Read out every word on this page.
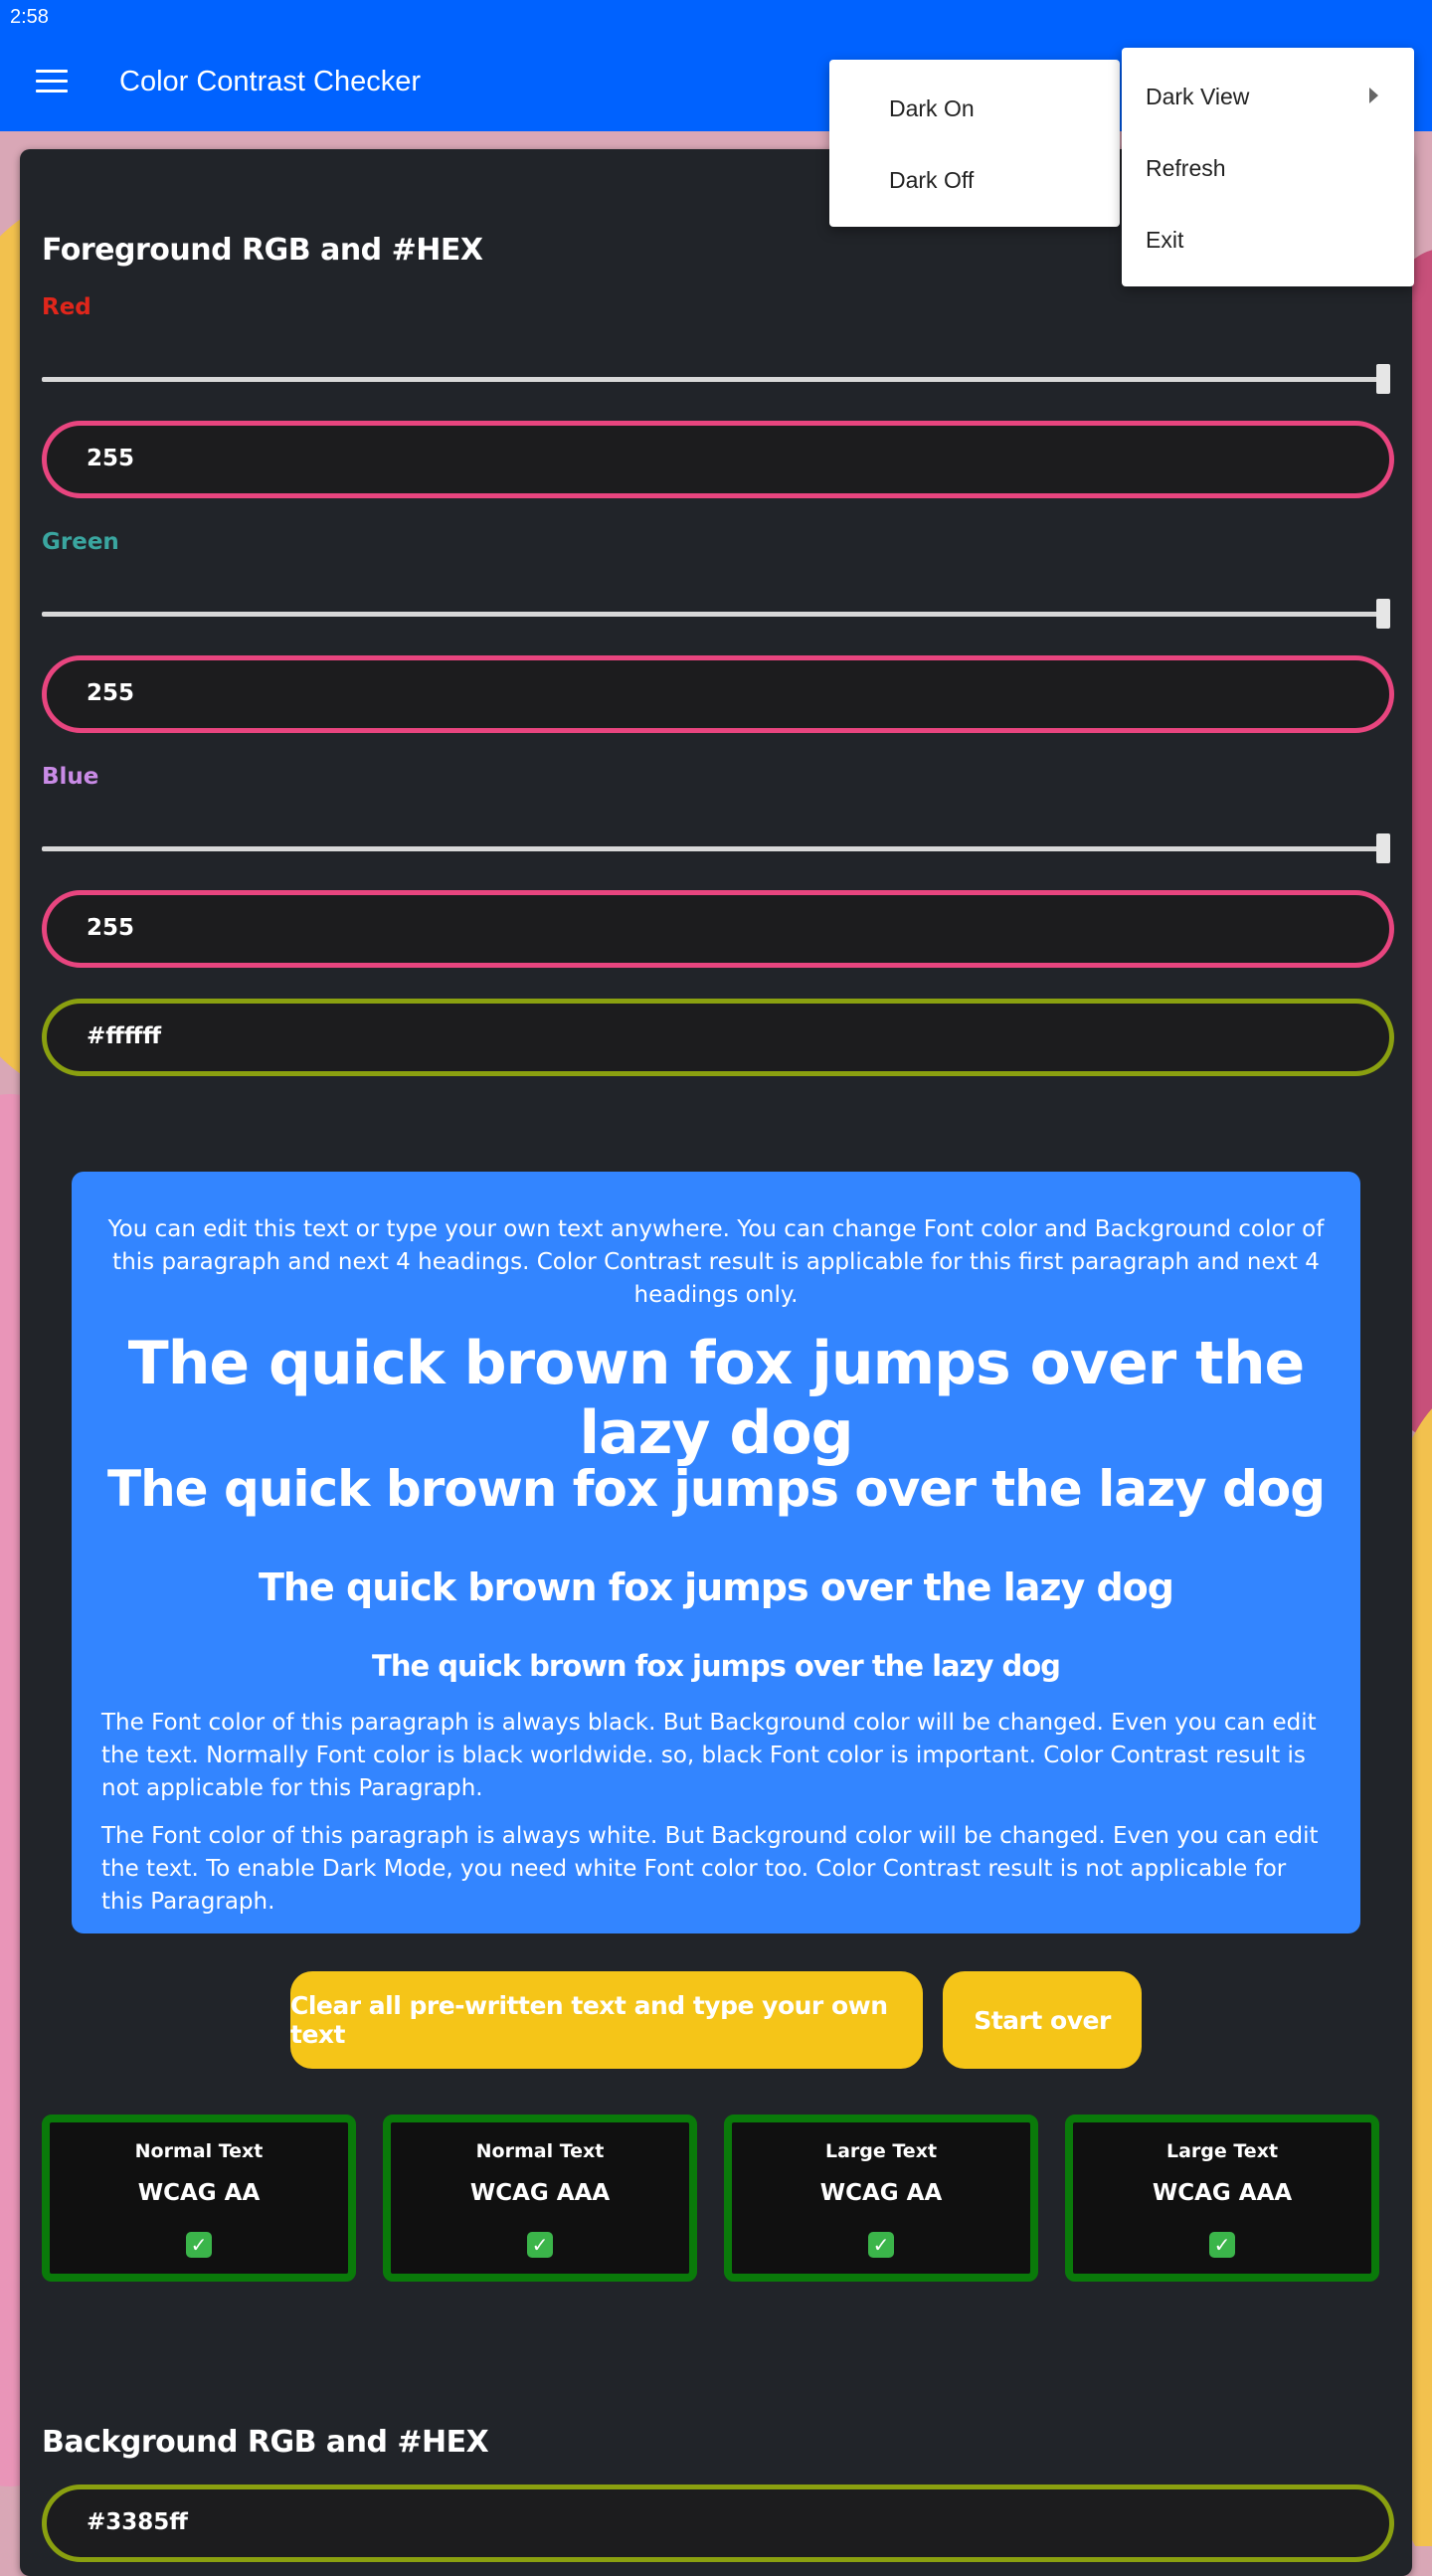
2:58
Color Contrast Checker
Foreground RGB and #HEX
Red
255
Green
255
Blue
255
#ffffff
You can edit this text or type your own text anywhere. You can change Font color and Background color of this paragraph and next 4 headings. Color Contrast result is applicable for this first paragraph and next 4 headings only.
The quick brown fox jumps over the lazy dog
The quick brown fox jumps over the lazy dog
The quick brown fox jumps over the lazy dog
The quick brown fox jumps over the lazy dog
The Font color of this paragraph is always black. But Background color will be changed. Even you can edit the text. Normally Font color is black worldwide. so, black Font color is important. Color Contrast result is not applicable for this Paragraph.
The Font color of this paragraph is always white. But Background color will be changed. Even you can edit the text. To enable Dark Mode, you need white Font color too. Color Contrast result is not applicable for this Paragraph.
Clear all pre-written text and type your own text	Start over
Normal Text
WCAG AA
✓
Normal Text
WCAG AAA
✓
Large Text
WCAG AA
✓
Large Text
WCAG AAA
✓
Background RGB and #HEX
#3385ff
Dark On
Dark Off
Dark View
Refresh
Exit
